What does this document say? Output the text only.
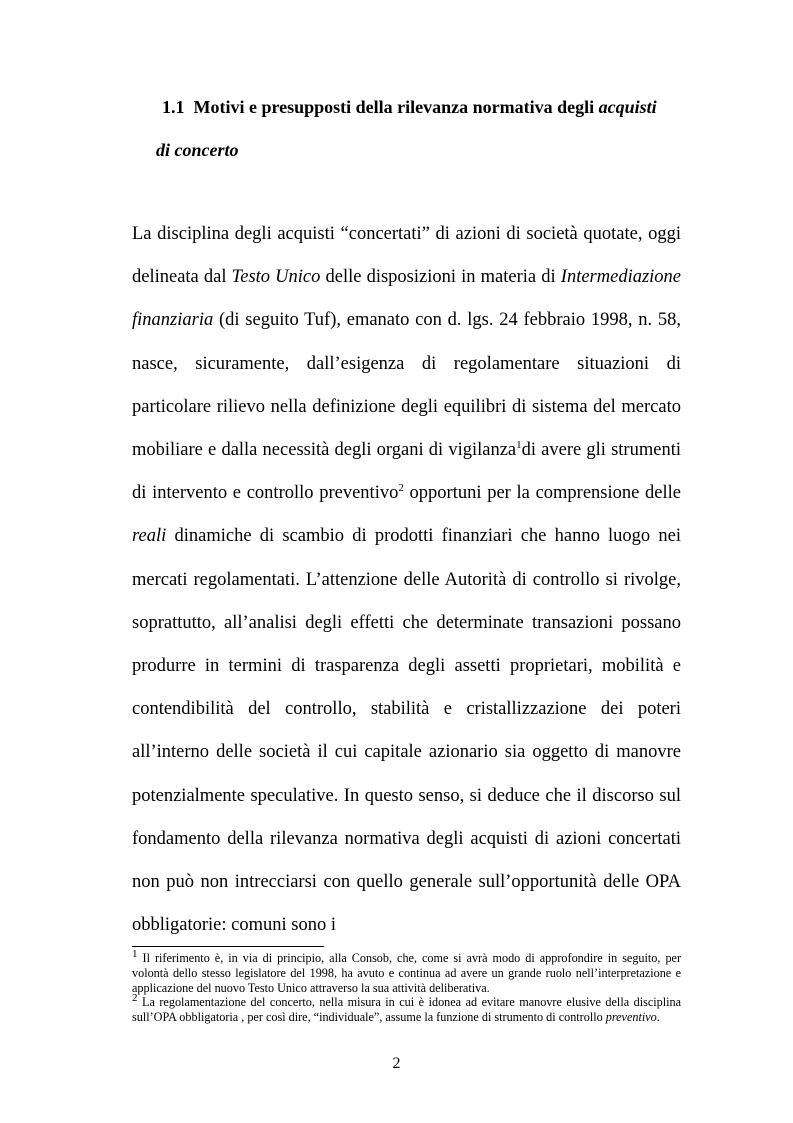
1.1 Motivi e presupposti della rilevanza normativa degli acquisti
di concerto
La disciplina degli acquisti “concertati” di azioni di società quotate, oggi delineata dal Testo Unico delle disposizioni in materia di Intermediazione finanziaria (di seguito Tuf), emanato con d. lgs. 24 febbraio 1998, n. 58, nasce, sicuramente, dall’esigenza di regolamentare situazioni di particolare rilievo nella definizione degli equilibri di sistema del mercato mobiliare e dalla necessità degli organi di vigilanza$^1$di avere gli strumenti di intervento e controllo preventivo$^2$ opportuni per la comprensione delle reali dinamiche di scambio di prodotti finanziari che hanno luogo nei mercati regolamentati. L’attenzione delle Autorità di controllo si rivolge, soprattutto, all’analisi degli effetti che determinate transazioni possano produrre in termini di trasparenza degli assetti proprietari, mobilità e contendibilità del controllo, stabilità e cristallizzazione dei poteri all’interno delle società il cui capitale azionario sia oggetto di manovre potenzialmente speculative. In questo senso, si deduce che il discorso sul fondamento della rilevanza normativa degli acquisti di azioni concertati non può non intrecciarsi con quello generale sull’opportunità delle OPA obbligatorie: comuni sono i

$^1$ Il riferimento è, in via di principio, alla Consob, che, come si avrà modo di approfondire in seguito, per volontà dello stesso legislatore del 1998, ha avuto e continua ad avere un grande ruolo nell’interpretazione e applicazione del nuovo Testo Unico attraverso la sua attività deliberativa.

$^2$ La regolamentazione del concerto, nella misura in cui è idonea ad evitare manovre elusive della disciplina sull’OPA obbligatoria , per così dire, “individuale”, assume la funzione di strumento di controllo preventivo.

2
